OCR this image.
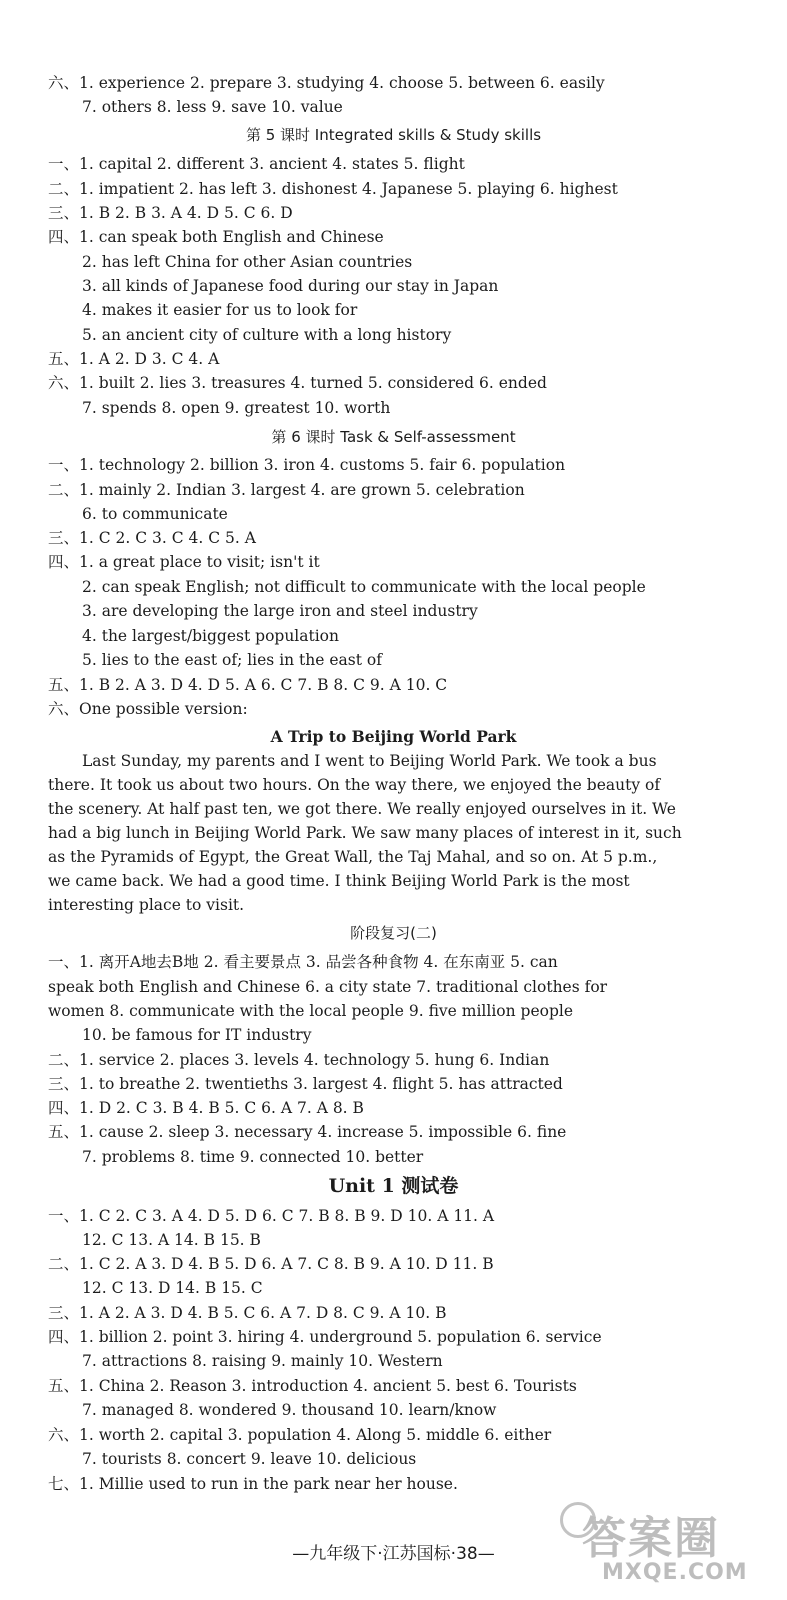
六、1. experience 2. prepare 3. studying 4. choose 5. between 6. easily
7. others 8. less 9. save 10. value
第 5 课时 Integrated skills & Study skills
一、1. capital 2. different 3. ancient 4. states 5. flight
二、1. impatient 2. has left 3. dishonest 4. Japanese 5. playing 6. highest
三、1. B 2. B 3. A 4. D 5. C 6. D
四、1. can speak both English and Chinese
2. has left China for other Asian countries
3. all kinds of Japanese food during our stay in Japan
4. makes it easier for us to look for
5. an ancient city of culture with a long history
五、1. A 2. D 3. C 4. A
六、1. built 2. lies 3. treasures 4. turned 5. considered 6. ended
7. spends 8. open 9. greatest 10. worth
第 6 课时 Task & Self-assessment
一、1. technology 2. billion 3. iron 4. customs 5. fair 6. population
二、1. mainly 2. Indian 3. largest 4. are grown 5. celebration
6. to communicate
三、1. C 2. C 3. C 4. C 5. A
四、1. a great place to visit; isn't it
2. can speak English; not difficult to communicate with the local people
3. are developing the large iron and steel industry
4. the largest/biggest population
5. lies to the east of; lies in the east of
五、1. B 2. A 3. D 4. D 5. A 6. C 7. B 8. C 9. A 10. C
六、One possible version:
A Trip to Beijing World Park
Last Sunday, my parents and I went to Beijing World Park. We took a bus
there. It took us about two hours. On the way there, we enjoyed the beauty of
the scenery. At half past ten, we got there. We really enjoyed ourselves in it. We
had a big lunch in Beijing World Park. We saw many places of interest in it, such
as the Pyramids of Egypt, the Great Wall, the Taj Mahal, and so on. At 5 p.m.,
we came back. We had a good time. I think Beijing World Park is the most
interesting place to visit.
阶段复习(二)
一、1. 离开A地去B地 2. 看主要景点 3. 品尝各种食物 4. 在东南亚 5. can
speak both English and Chinese 6. a city state 7. traditional clothes for
women 8. communicate with the local people 9. five million people
10. be famous for IT industry
二、1. service 2. places 3. levels 4. technology 5. hung 6. Indian
三、1. to breathe 2. twentieths 3. largest 4. flight 5. has attracted
四、1. D 2. C 3. B 4. B 5. C 6. A 7. A 8. B
五、1. cause 2. sleep 3. necessary 4. increase 5. impossible 6. fine
7. problems 8. time 9. connected 10. better
Unit 1 测试卷
一、1. C 2. C 3. A 4. D 5. D 6. C 7. B 8. B 9. D 10. A 11. A
12. C 13. A 14. B 15. B
二、1. C 2. A 3. D 4. B 5. D 6. A 7. C 8. B 9. A 10. D 11. B
12. C 13. D 14. B 15. C
三、1. A 2. A 3. D 4. B 5. C 6. A 7. D 8. C 9. A 10. B
四、1. billion 2. point 3. hiring 4. underground 5. population 6. service
7. attractions 8. raising 9. mainly 10. Western
五、1. China 2. Reason 3. introduction 4. ancient 5. best 6. Tourists
7. managed 8. wondered 9. thousand 10. learn/know
六、1. worth 2. capital 3. population 4. Along 5. middle 6. either
7. tourists 8. concert 9. leave 10. delicious
七、1. Millie used to run in the park near her house.
—九年级下·江苏国标·38—	答案圈
MXQE.COM
